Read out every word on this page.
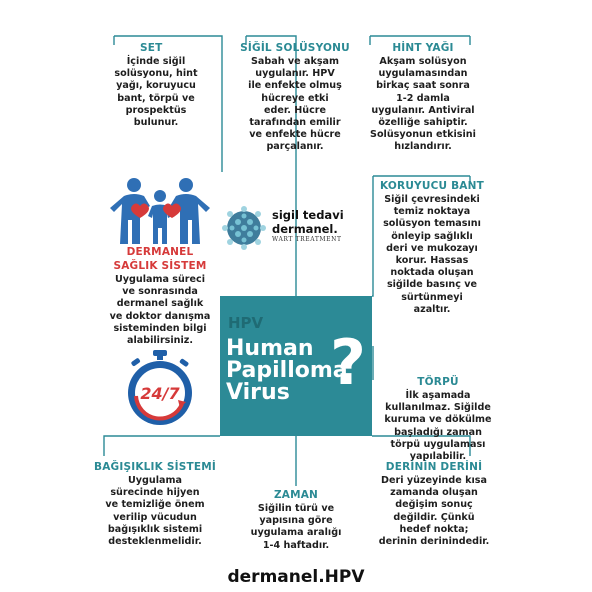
SET

İçinde siğil

solüsyonu, hint

yağı, koruyucu

bant, törpü ve

prospektüs

bulunur.

SİĞİL SOLÜSYONU

Sabah ve akşam

uygulanır. HPV

ile enfekte olmuş

hücreye etki

eder. Hücre

tarafından emilir

ve enfekte hücre

parçalanır.

HİNT YAĞI

Akşam solüsyon

uygulamasından

birkaç saat sonra

1-2 damla

uygulanır. Antiviral

özelliğe sahiptir.

Solüsyonun etkisini

hızlandırır.

KORUYUCU BANT

Siğil çevresindeki

temiz noktaya

solüsyon temasını

önleyip sağlıklı

deri ve mukozayı

korur. Hassas

noktada oluşan

siğilde basınç ve

sürtünmeyi

azaltır.

TÖRPÜ

İlk aşamada

kullanılmaz. Siğilde

kuruma ve dökülme

başladığı zaman

törpü uygulaması

yapılabilir.

DERİNİN DERİNİ

Deri yüzeyinde kısa

zamanda oluşan

değişim sonuç

değildir. Çünkü

hedef nokta;

derinin derinindedir.

ZAMAN

Siğilin türü ve

yapısına göre

uygulama aralığı

1-4 haftadır.

BAĞIŞIKLIK SİSTEMİ

Uygulama

sürecinde hijyen

ve temizliğe önem

verilip vücudun

bağışıklık sistemi

desteklenmelidir.

DERMANEL
SAĞLIK SİSTEM

Uygulama süreci

ve sonrasında

dermanel sağlık

ve doktor danışma

sisteminden bilgi

alabilirsiniz.

24/7
sigil tedavi
dermanel.
WART TREATMENT
HPV
Human
Papilloma
Virus ?
dermanel.HPV
